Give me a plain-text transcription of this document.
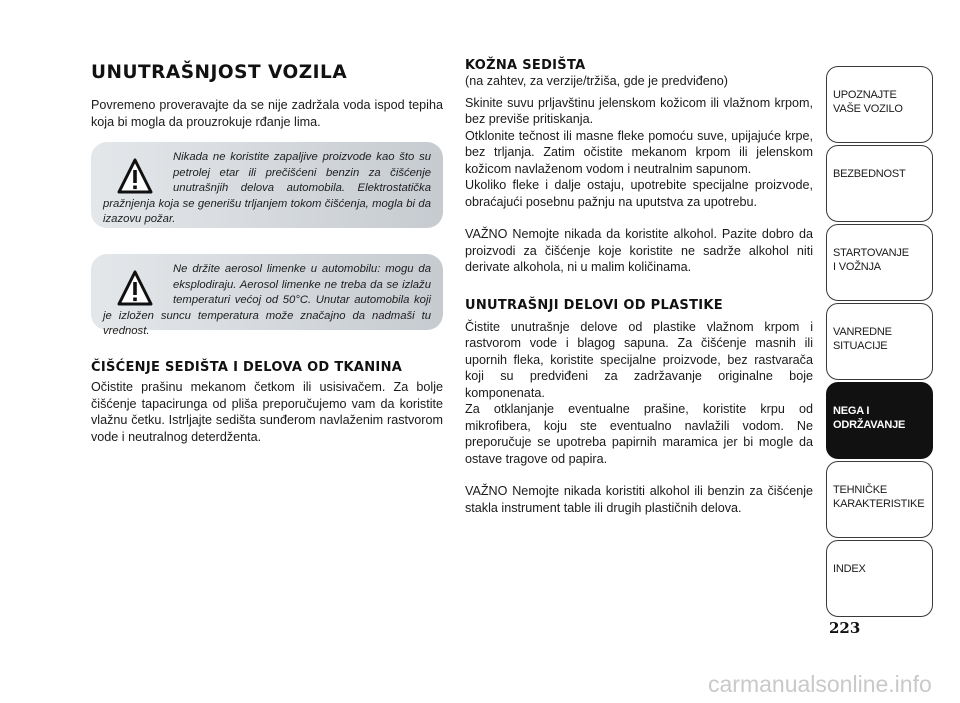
UNUTRAŠNJOST VOZILA

Povremeno proveravajte da se nije zadržala voda ispod tepiha koja bi mogla da prouzrokuje rđanje lima.

Nikada ne koristite zapaljive proizvode kao što su petrolej etar ili prečišćeni benzin za čišćenje unutrašnjih delova automobila. Elektrostatička pražnjenja koja se generišu trljanjem tokom čišćenja, mogla bi da izazovu požar.

Ne držite aerosol limenke u automobilu: mogu da eksplodiraju. Aerosol limenke ne treba da se izlažu temperaturi većoj od 50°C. Unutar automobila koji je izložen suncu temperatura može značajno da nadmaši tu vrednost.

ČIŠĆENJE SEDIŠTA I DELOVA OD TKANINA

Očistite prašinu mekanom četkom ili usisivačem. Za bolje čišćenje tapacirunga od pliša preporučujemo vam da koristite vlažnu četku. Istrljajte sedišta sunđerom navlaženim rastvorom vode i neutralnog deterdženta.

KOŽNA SEDIŠTA

(na zahtev, za verzije/tržiša, gde je predviđeno)

Skinite suvu prljavštinu jelenskom kožicom ili vlažnom krpom, bez previše pritiskanja.

Otklonite tečnost ili masne fleke pomoću suve, upijajuće krpe, bez trljanja. Zatim očistite mekanom krpom ili jelenskom kožicom navlaženom vodom i neutralnim sapunom.

Ukoliko fleke i dalje ostaju, upotrebite specijalne proizvode, obraćajući posebnu pažnju na uputstva za upotrebu.

VAŽNO Nemojte nikada da koristite alkohol. Pazite dobro da proizvodi za čišćenje koje koristite ne sadrže alkohol niti derivate alkohola, ni u malim količinama.

UNUTRAŠNJI DELOVI OD PLASTIKE

Čistite unutrašnje delove od plastike vlažnom krpom i rastvorom vode i blagog sapuna. Za čišćenje masnih ili upornih fleka, koristite specijalne proizvode, bez rastvarača koji su predviđeni za zadržavanje originalne boje komponenata.

Za otklanjanje eventualne prašine, koristite krpu od mikrofibera, koju ste eventualno navlažili vodom. Ne preporučuje se upotreba papirnih maramica jer bi mogle da ostave tragove od papira.

VAŽNO Nemojte nikada koristiti alkohol ili benzin za čišćenje stakla instrument table ili drugih plastičnih delova.

UPOZNAJTE
VAŠE VOZILO
BEZBEDNOST
STARTOVANJE
I VOŽNJA
VANREDNE
SITUACIJE
NEGA I
ODRŽAVANJE
TEHNIČKE
KARAKTERISTIKE
INDEX
223
carmanualsonline.info
